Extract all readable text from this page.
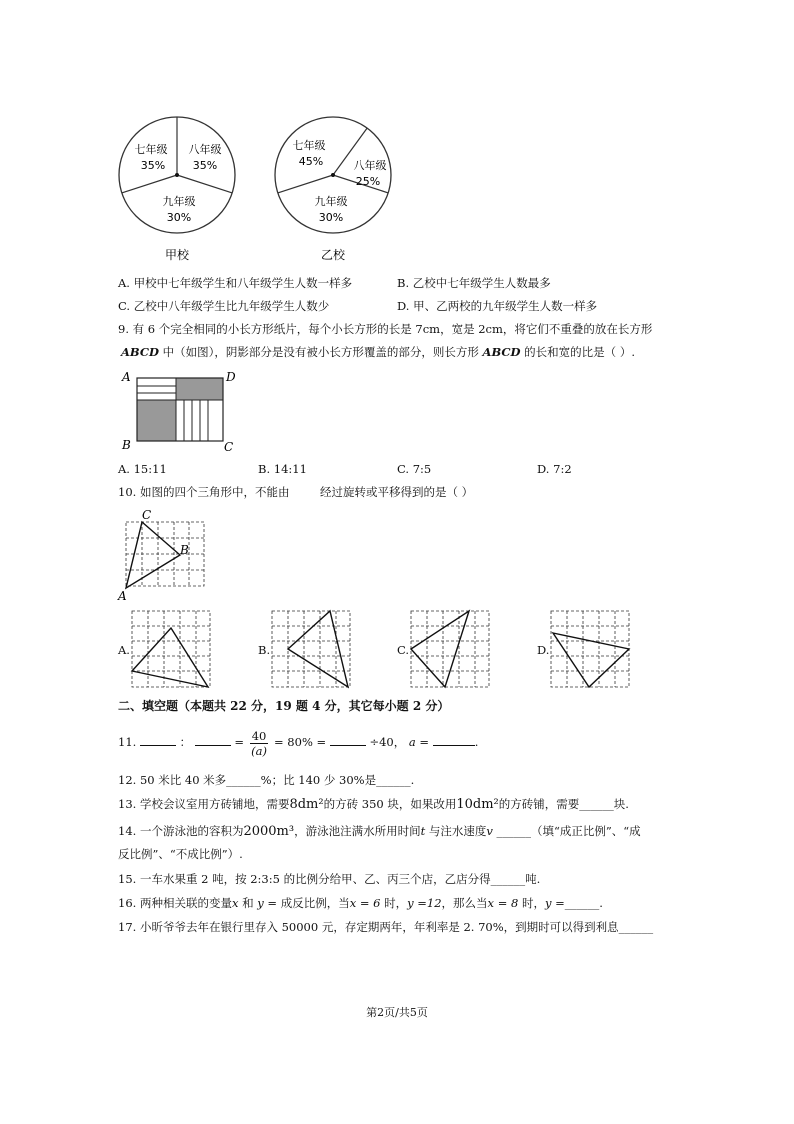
七年级
35%
八年级
35%
九年级
30%
甲校
七年级
45%	八年级
25%
九年级
30%
乙校
A. 甲校中七年级学生和八年级学生人数一样多	B. 乙校中七年级学生人数最多
C. 乙校中八年级学生比九年级学生人数少	D. 甲、乙两校的九年级学生人数一样多
9. 有 6 个完全相同的小长方形纸片，每个小长方形的长是 7cm，宽是 2cm，将它们不重叠的放在长方形
ABCD 中（如图），阴影部分是没有被小长方形覆盖的部分，则长方形 ABCD 的长和宽的比是（ ）.
A	D
B	C
A. 15:11	B. 14:11	C. 7:5	D. 7:2
10. 如图的四个三角形中，不能由	经过旋转或平移得到的是（ ）
C
B
A
A.	B.	C.	D.
二、填空题（本题共 22 分，19 题 4 分，其它每小题 2 分）
11.	：	= $\frac{40}{(a)} = 80\%$ =	÷40， a =	.
12. 50 米比 40 米多______%；比 140 少 30%是______.
13. 学校会议室用方砖铺地，需要8dm²的方砖 350 块，如果改用10dm²的方砖铺，需要______块.
14. 一个游泳池的容积为2000m³，游泳池注满水所用时间t 与注水速度v ______（填“成正比例”、“成
反比例”、“不成比例”）.
15. 一车水果重 2 吨，按 2:3:5 的比例分给甲、乙、丙三个店，乙店分得______吨.
16. 两种相关联的变量x 和 y = 成反比例，当x = 6 时，y =12，那么当x = 8 时，y =______.
17. 小昕爷爷去年在银行里存入 50000 元，存定期两年，年利率是 2. 70%，到期时可以得到利息______
第2页/共5页
